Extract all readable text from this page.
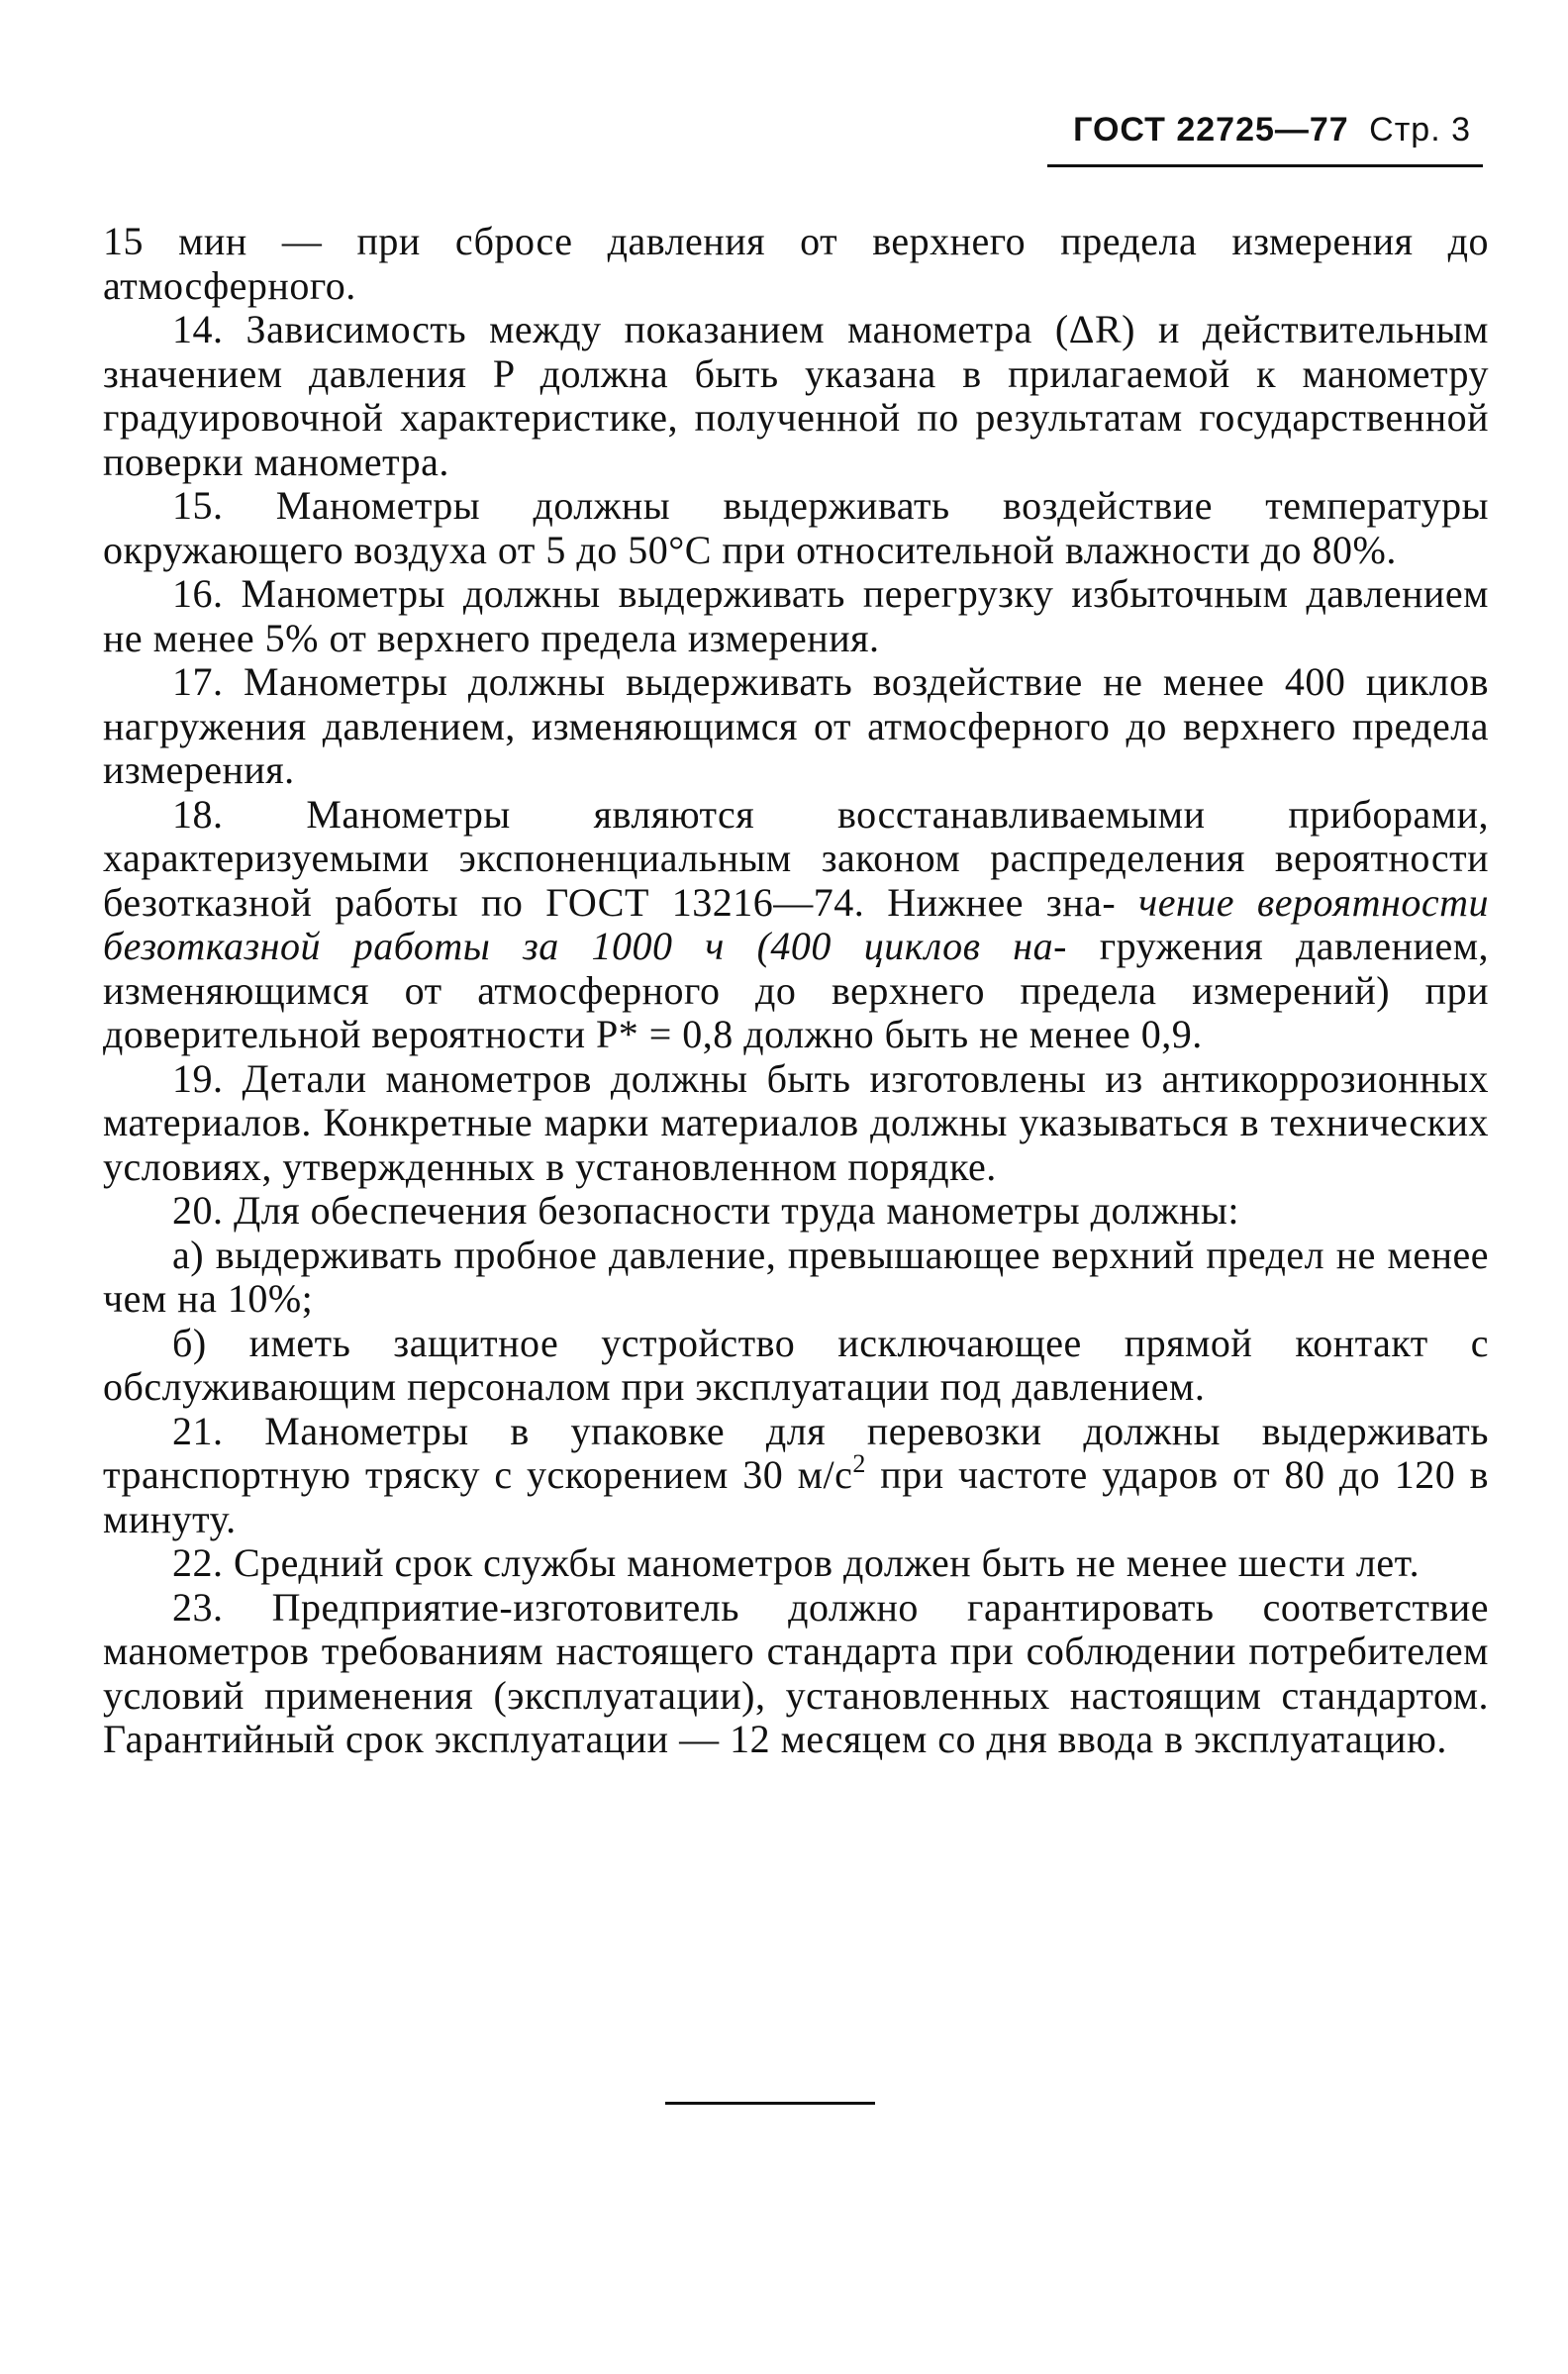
ГОСТ 22725—77 Стр. 3

15 мин — при сбросе давления от верхнего предела измерения до атмосферного.

14. Зависимость между показанием манометра (ΔR) и действительным значением давления P должна быть указана в прилагаемой к манометру градуировочной характеристике, полученной по результатам государственной поверки манометра.

15. Манометры должны выдерживать воздействие температуры окружающего воздуха от 5 до 50°C при относительной влажности до 80%.

16. Манометры должны выдерживать перегрузку избыточным давлением не менее 5% от верхнего предела измерения.

17. Манометры должны выдерживать воздействие не менее 400 циклов нагружения давлением, изменяющимся от атмосферного до верхнего предела измерения.

18. Манометры являются восстанавливаемыми приборами, характеризуемыми экспоненциальным законом распределения вероятности безотказной работы по ГОСТ 13216—74. Нижнее зна- чение вероятности безотказной работы за 1000 ч (400 циклов на- гружения давлением, изменяющимся от атмосферного до верхнего предела измерений) при доверительной вероятности P* = 0,8 должно быть не менее 0,9.

19. Детали манометров должны быть изготовлены из антикоррозионных материалов. Конкретные марки материалов должны указываться в технических условиях, утвержденных в установленном порядке.

20. Для обеспечения безопасности труда манометры должны:

а) выдерживать пробное давление, превышающее верхний предел не менее чем на 10%;

б) иметь защитное устройство исключающее прямой контакт с обслуживающим персоналом при эксплуатации под давлением.

21. Манометры в упаковке для перевозки должны выдерживать транспортную тряску с ускорением 30 $м/с^2$ при частоте ударов от 80 до 120 в минуту.

22. Средний срок службы манометров должен быть не менее шести лет.

23. Предприятие-изготовитель должно гарантировать соответствие манометров требованиям настоящего стандарта при соблюдении потребителем условий применения (эксплуатации), установленных настоящим стандартом. Гарантийный срок эксплуатации — 12 месяцем со дня ввода в эксплуатацию.
